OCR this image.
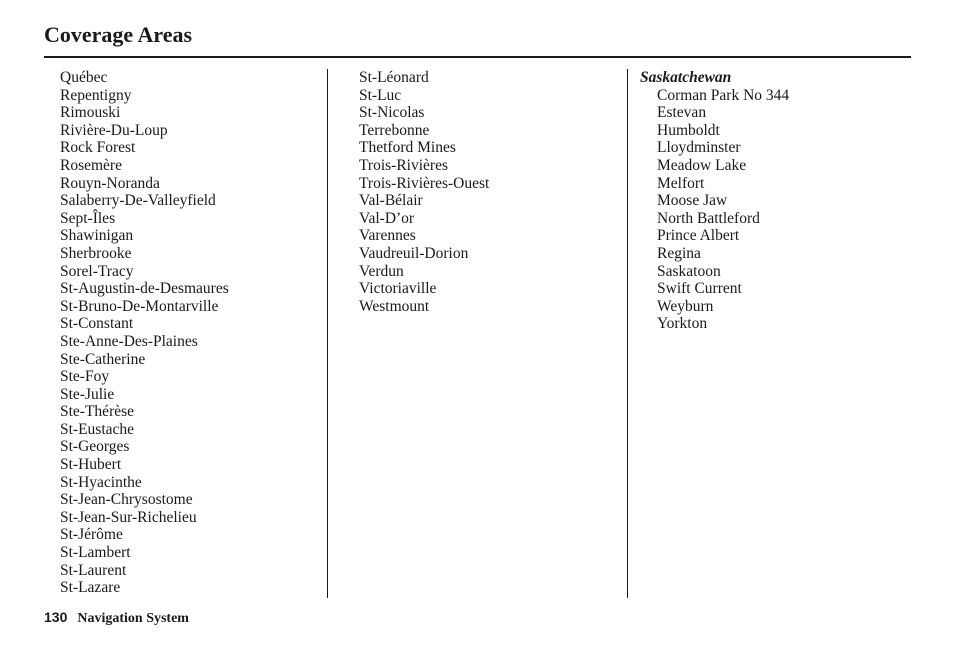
Coverage Areas
Québec
Repentigny
Rimouski
Rivière-Du-Loup
Rock Forest
Rosemère
Rouyn-Noranda
Salaberry-De-Valleyfield
Sept-Îles
Shawinigan
Sherbrooke
Sorel-Tracy
St-Augustin-de-Desmaures
St-Bruno-De-Montarville
St-Constant
Ste-Anne-Des-Plaines
Ste-Catherine
Ste-Foy
Ste-Julie
Ste-Thérèse
St-Eustache
St-Georges
St-Hubert
St-Hyacinthe
St-Jean-Chrysostome
St-Jean-Sur-Richelieu
St-Jérôme
St-Lambert
St-Laurent
St-Lazare
St-Léonard
St-Luc
St-Nicolas
Terrebonne
Thetford Mines
Trois-Rivières
Trois-Rivières-Ouest
Val-Bélair
Val-D’or
Varennes
Vaudreuil-Dorion
Verdun
Victoriaville
Westmount
Saskatchewan
Corman Park No 344
Estevan
Humboldt
Lloydminster
Meadow Lake
Melfort
Moose Jaw
North Battleford
Prince Albert
Regina
Saskatoon
Swift Current
Weyburn
Yorkton
130 Navigation System
